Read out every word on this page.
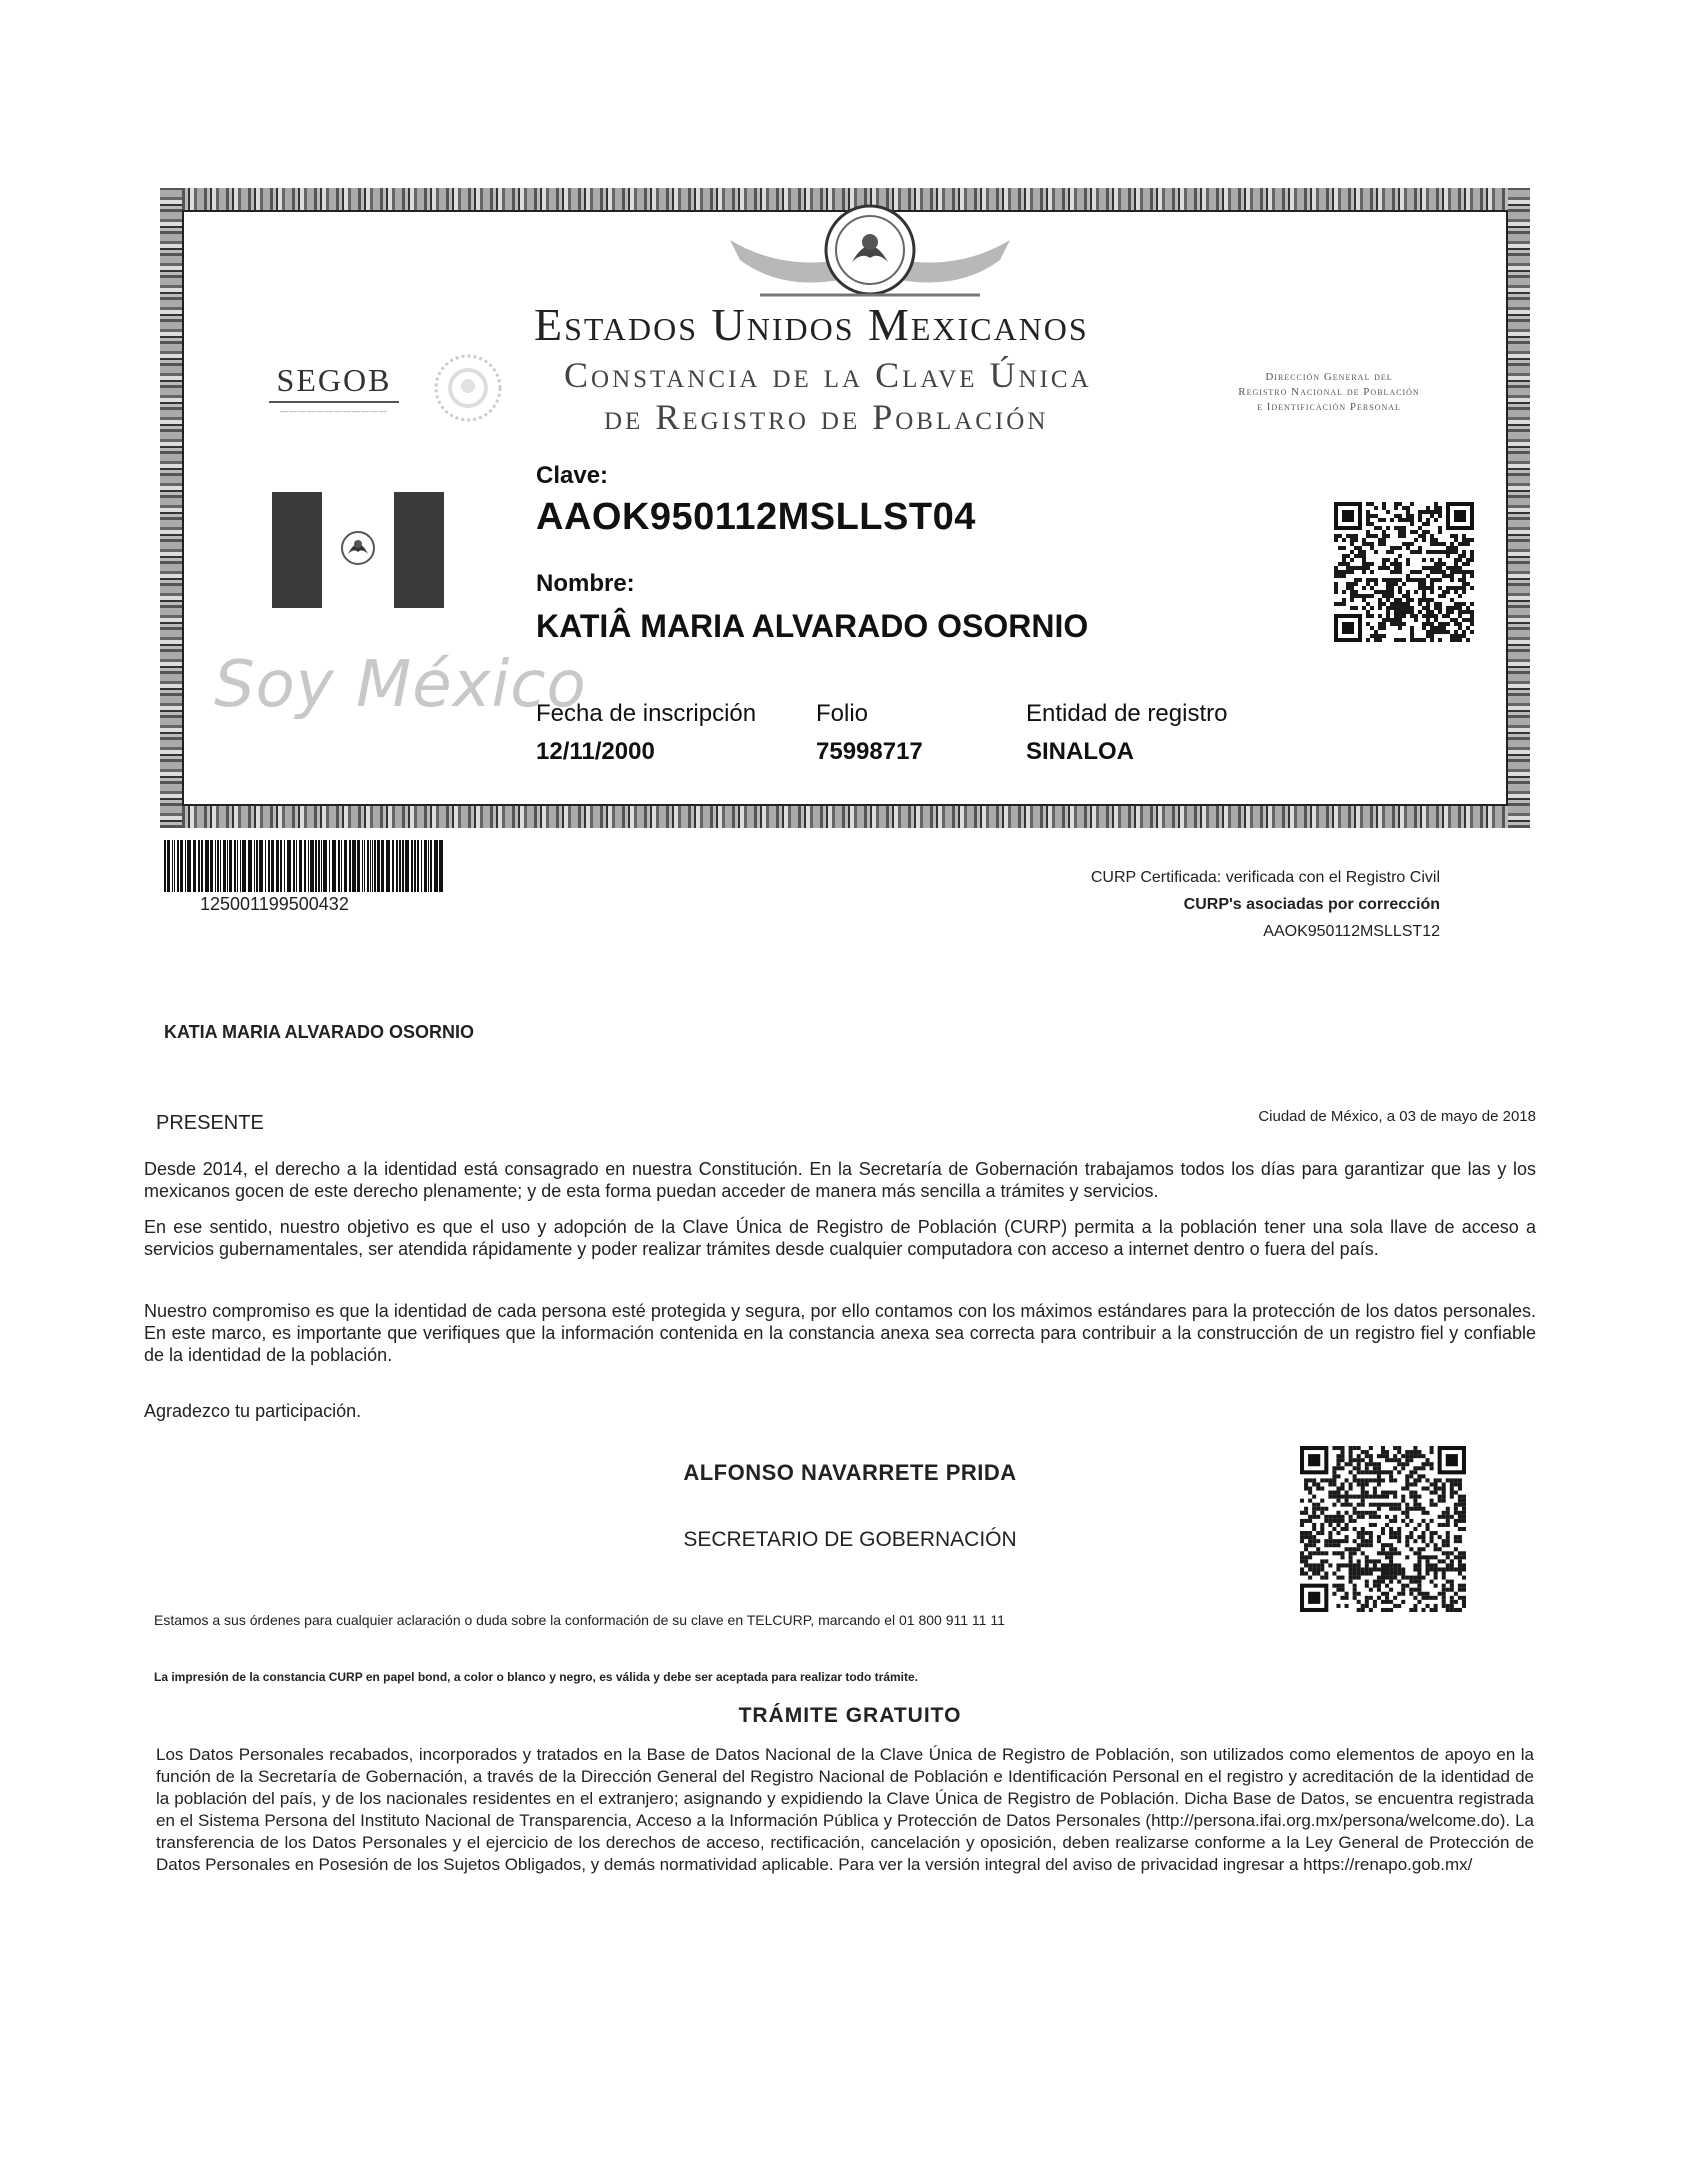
Estados Unidos Mexicanos
Constancia de la Clave Única
de Registro de Población
SEGOB
————————————
Dirección General del
Registro Nacional de Población
e Identificación Personal
Soy México
Clave:
AAOK950112MSLLST04
Nombre:
KATIÂ MARIA ALVARADO OSORNIO
Fecha de inscripción
12/11/2000
Folio
75998717
Entidad de registro
SINALOA
125001199500432
CURP Certificada: verificada con el Registro Civil
CURP's asociadas por corrección
AAOK950112MSLLST12
KATIA MARIA ALVARADO OSORNIO
PRESENTE	Ciudad de México, a 03 de mayo de 2018
Desde 2014, el derecho a la identidad está consagrado en nuestra Constitución. En la Secretaría de Gobernación trabajamos todos los días para garantizar que las y los mexicanos gocen de este derecho plenamente; y de esta forma puedan acceder de manera más sencilla a trámites y servicios.
En ese sentido, nuestro objetivo es que el uso y adopción de la Clave Única de Registro de Población (CURP) permita a la población tener una sola llave de acceso a servicios gubernamentales, ser atendida rápidamente y poder realizar trámites desde cualquier computadora con acceso a internet dentro o fuera del país.
Nuestro compromiso es que la identidad de cada persona esté protegida y segura, por ello contamos con los máximos estándares para la protección de los datos personales. En este marco, es importante que verifiques que la información contenida en la constancia anexa sea correcta para contribuir a la construcción de un registro fiel y confiable de la identidad de la población.
Agradezco tu participación.
ALFONSO NAVARRETE PRIDA
SECRETARIO DE GOBERNACIÓN
Estamos a sus órdenes para cualquier aclaración o duda sobre la conformación de su clave en TELCURP, marcando el 01 800 911 11 11
La impresión de la constancia CURP en papel bond, a color o blanco y negro, es válida y debe ser aceptada para realizar todo trámite.
TRÁMITE GRATUITO
Los Datos Personales recabados, incorporados y tratados en la Base de Datos Nacional de la Clave Única de Registro de Población, son utilizados como elementos de apoyo en la función de la Secretaría de Gobernación, a través de la Dirección General del Registro Nacional de Población e Identificación Personal en el registro y acreditación de la identidad de la población del país, y de los nacionales residentes en el extranjero; asignando y expidiendo la Clave Única de Registro de Población. Dicha Base de Datos, se encuentra registrada en el Sistema Persona del Instituto Nacional de Transparencia, Acceso a la Información Pública y Protección de Datos Personales (http://persona.ifai.org.mx/persona/welcome.do). La transferencia de los Datos Personales y el ejercicio de los derechos de acceso, rectificación, cancelación y oposición, deben realizarse conforme a la Ley General de Protección de Datos Personales en Posesión de los Sujetos Obligados, y demás normatividad aplicable. Para ver la versión integral del aviso de privacidad ingresar a https://renapo.gob.mx/
